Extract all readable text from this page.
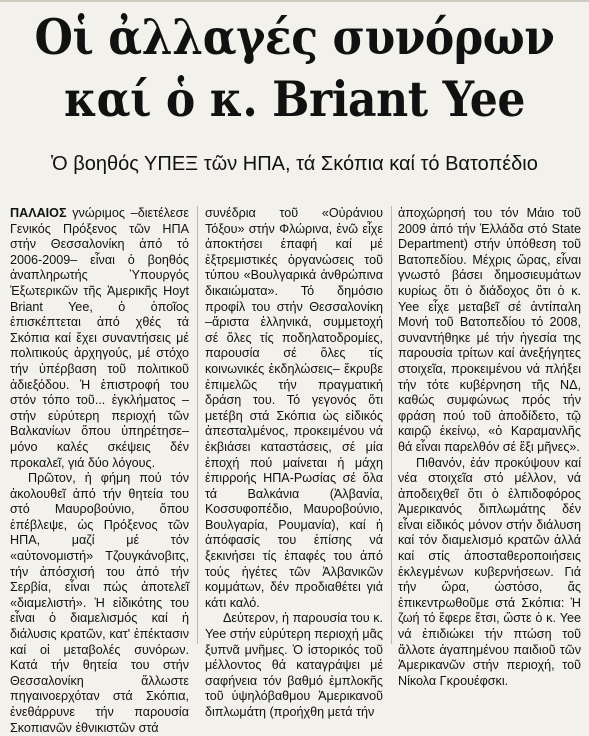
Οἱ ἀλλαγές συνόρων
καί ὁ κ. Briant Yee
Ὁ βοηθός ΥΠΕΞ τῶν ΗΠΑ, τά Σκόπια καί τό Βατοπέδιο

ΠΑΛΑΙΟΣ γνώριμος –διετέλεσε Γενικός Πρόξενος τῶν ΗΠΑ στήν Θεσσαλονίκη ἀπό τό 2006-2009– εἶναι ὁ βοηθός ἀναπληρωτής Ὑπουργός Ἐξωτερικῶν τῆς Ἀμερικῆς Hoyt Briant Yee, ὁ ὁποῖος ἐπισκέπτεται ἀπό χθές τά Σκόπια καί ἔχει συναντήσεις μέ πολιτικούς ἀρχηγούς, μέ στόχο τήν ὑπέρβαση τοῦ πολιτικοῦ ἀδιεξόδου. Ἡ ἐπιστροφή του στόν τόπο τοῦ... ἐγκλήματος –στήν εὐρύτερη περιοχή τῶν Βαλκανίων ὅπου ὑπηρέτησε– μόνο καλές σκέψεις δέν προκαλεῖ, γιά δύο λόγους.

Πρῶτον, ἡ φήμη πού τόν ἀκολουθεῖ ἀπό τήν θητεία του στό Μαυροβούνιο, ὅπου ἐπέβλεψε, ὡς Πρόξενος τῶν ΗΠΑ, μαζί μέ τόν «αὐτονομιστή» Τζουγκάνοβιτς, τήν ἀπόσχισή του ἀπό τήν Σερβία, εἶναι πώς ἀποτελεῖ «διαμελιστή». Ἡ εἰδικότης του εἶναι ὁ διαμελισμός καί ἡ διάλυσις κρατῶν, κατ' ἐπέκτασιν καί οἱ μεταβολές συνόρων. Κατά τήν θητεία του στήν Θεσσαλονίκη ἄλλωστε πηγαινοερχόταν στά Σκόπια, ἐνεθάρρυνε τήν παρουσία Σκοπιανῶν ἐθνικιστῶν στά

συνέδρια τοῦ «Οὐράνιου Τόξου» στήν Φλώρινα, ἐνῶ εἶχε ἀποκτήσει ἐπαφή καί μέ ἐξτρεμιστικές ὀργανώσεις τοῦ τύπου «Βουλγαρικά ἀνθρώπινα δικαιώματα». Τό δημόσιο προφίλ του στήν Θεσσαλονίκη –ἄριστα ἑλληνικά, συμμετοχή σέ ὅλες τίς ποδηλατοδρομίες, παρουσία σέ ὅλες τίς κοινωνικές ἐκδηλώσεις– ἔκρυβε ἐπιμελῶς τήν πραγματική δράση του. Τό γεγονός ὅτι μετέβη στά Σκόπια ὡς εἰδικός ἀπεσταλμένος, προκειμένου νά ἐκβιάσει καταστάσεις, σέ μία ἐποχή πού μαίνεται ἡ μάχη ἐπιρροής ΗΠΑ-Ρωσίας σέ ὅλα τά Βαλκάνια (Ἀλβανία, Κοσσυφοπέδιο, Μαυροβούνιο, Βουλγαρία, Ρουμανία), καί ἡ ἀπόφασίς του ἐπίσης νά ξεκινήσει τίς ἐπαφές του ἀπό τούς ἡγέτες τῶν Ἀλβανικῶν κομμάτων, δέν προδιαθέτει γιά κάτι καλό.

Δεύτερον, ἡ παρουσία του κ. Yee στήν εὐρύτερη περιοχή μᾶς ξυπνᾶ μνῆμες. Ὁ ἱστορικός τοῦ μέλλοντος θά καταγράψει μέ σαφήνεια τόν βαθμό ἐμπλοκῆς τοῦ ὑψηλόβαθμου Ἀμερικανοῦ διπλωμάτη (προήχθη μετά τήν

ἀποχώρησή του τόν Μάιο τοῦ 2009 ἀπό τήν Ἑλλάδα στό State Department) στήν ὑπόθεση τοῦ Βατοπεδίου. Μέχρις ὥρας, εἶναι γνωστό βάσει δημοσιευμάτων κυρίως ὅτι ὁ διάδοχος ὅτι ὁ κ. Yee εἶχε μεταβεῖ σέ ἀντίπαλη Μονή τοῦ Βατοπεδίου τό 2008, συναντήθηκε μέ τήν ἡγεσία της παρουσία τρίτων καί ἀνεξήγητες στοιχεῖα, προκειμένου νά πλήξει τήν τότε κυβέρνηση τῆς ΝΔ, καθώς συμφώνως πρός τήν φράση πού τοῦ ἀποδίδετο, τῷ καιρῷ ἐκείνῳ, «ὁ Καραμανλῆς θά εἶναι παρελθόν σέ ἕξι μῆνες».

Πιθανόν, ἐάν προκύψουν καί νέα στοιχεῖα στό μέλλον, νά ἀποδειχθεῖ ὅτι ὁ ἐλπιδοφόρος Ἀμερικανός διπλωμάτης δέν εἶναι εἰδικός μόνον στήν διάλυση καί τόν διαμελισμό κρατῶν ἀλλά καί στίς ἀποσταθεροποιήσεις ἐκλεγμένων κυβερνήσεων. Γιά τήν ὥρα, ὡστόσο, ἄς ἐπικεντρωθοῦμε στά Σκόπια: Ἡ ζωή τό ἔφερε ἔτσι, ὥστε ὁ κ. Yee νά ἐπιδιώκει τήν πτώση τοῦ ἄλλοτε ἀγαπημένου παιδιοῦ τῶν Ἀμερικανῶν στήν περιοχή, τοῦ Νίκολα Γκρουέφσκι.
